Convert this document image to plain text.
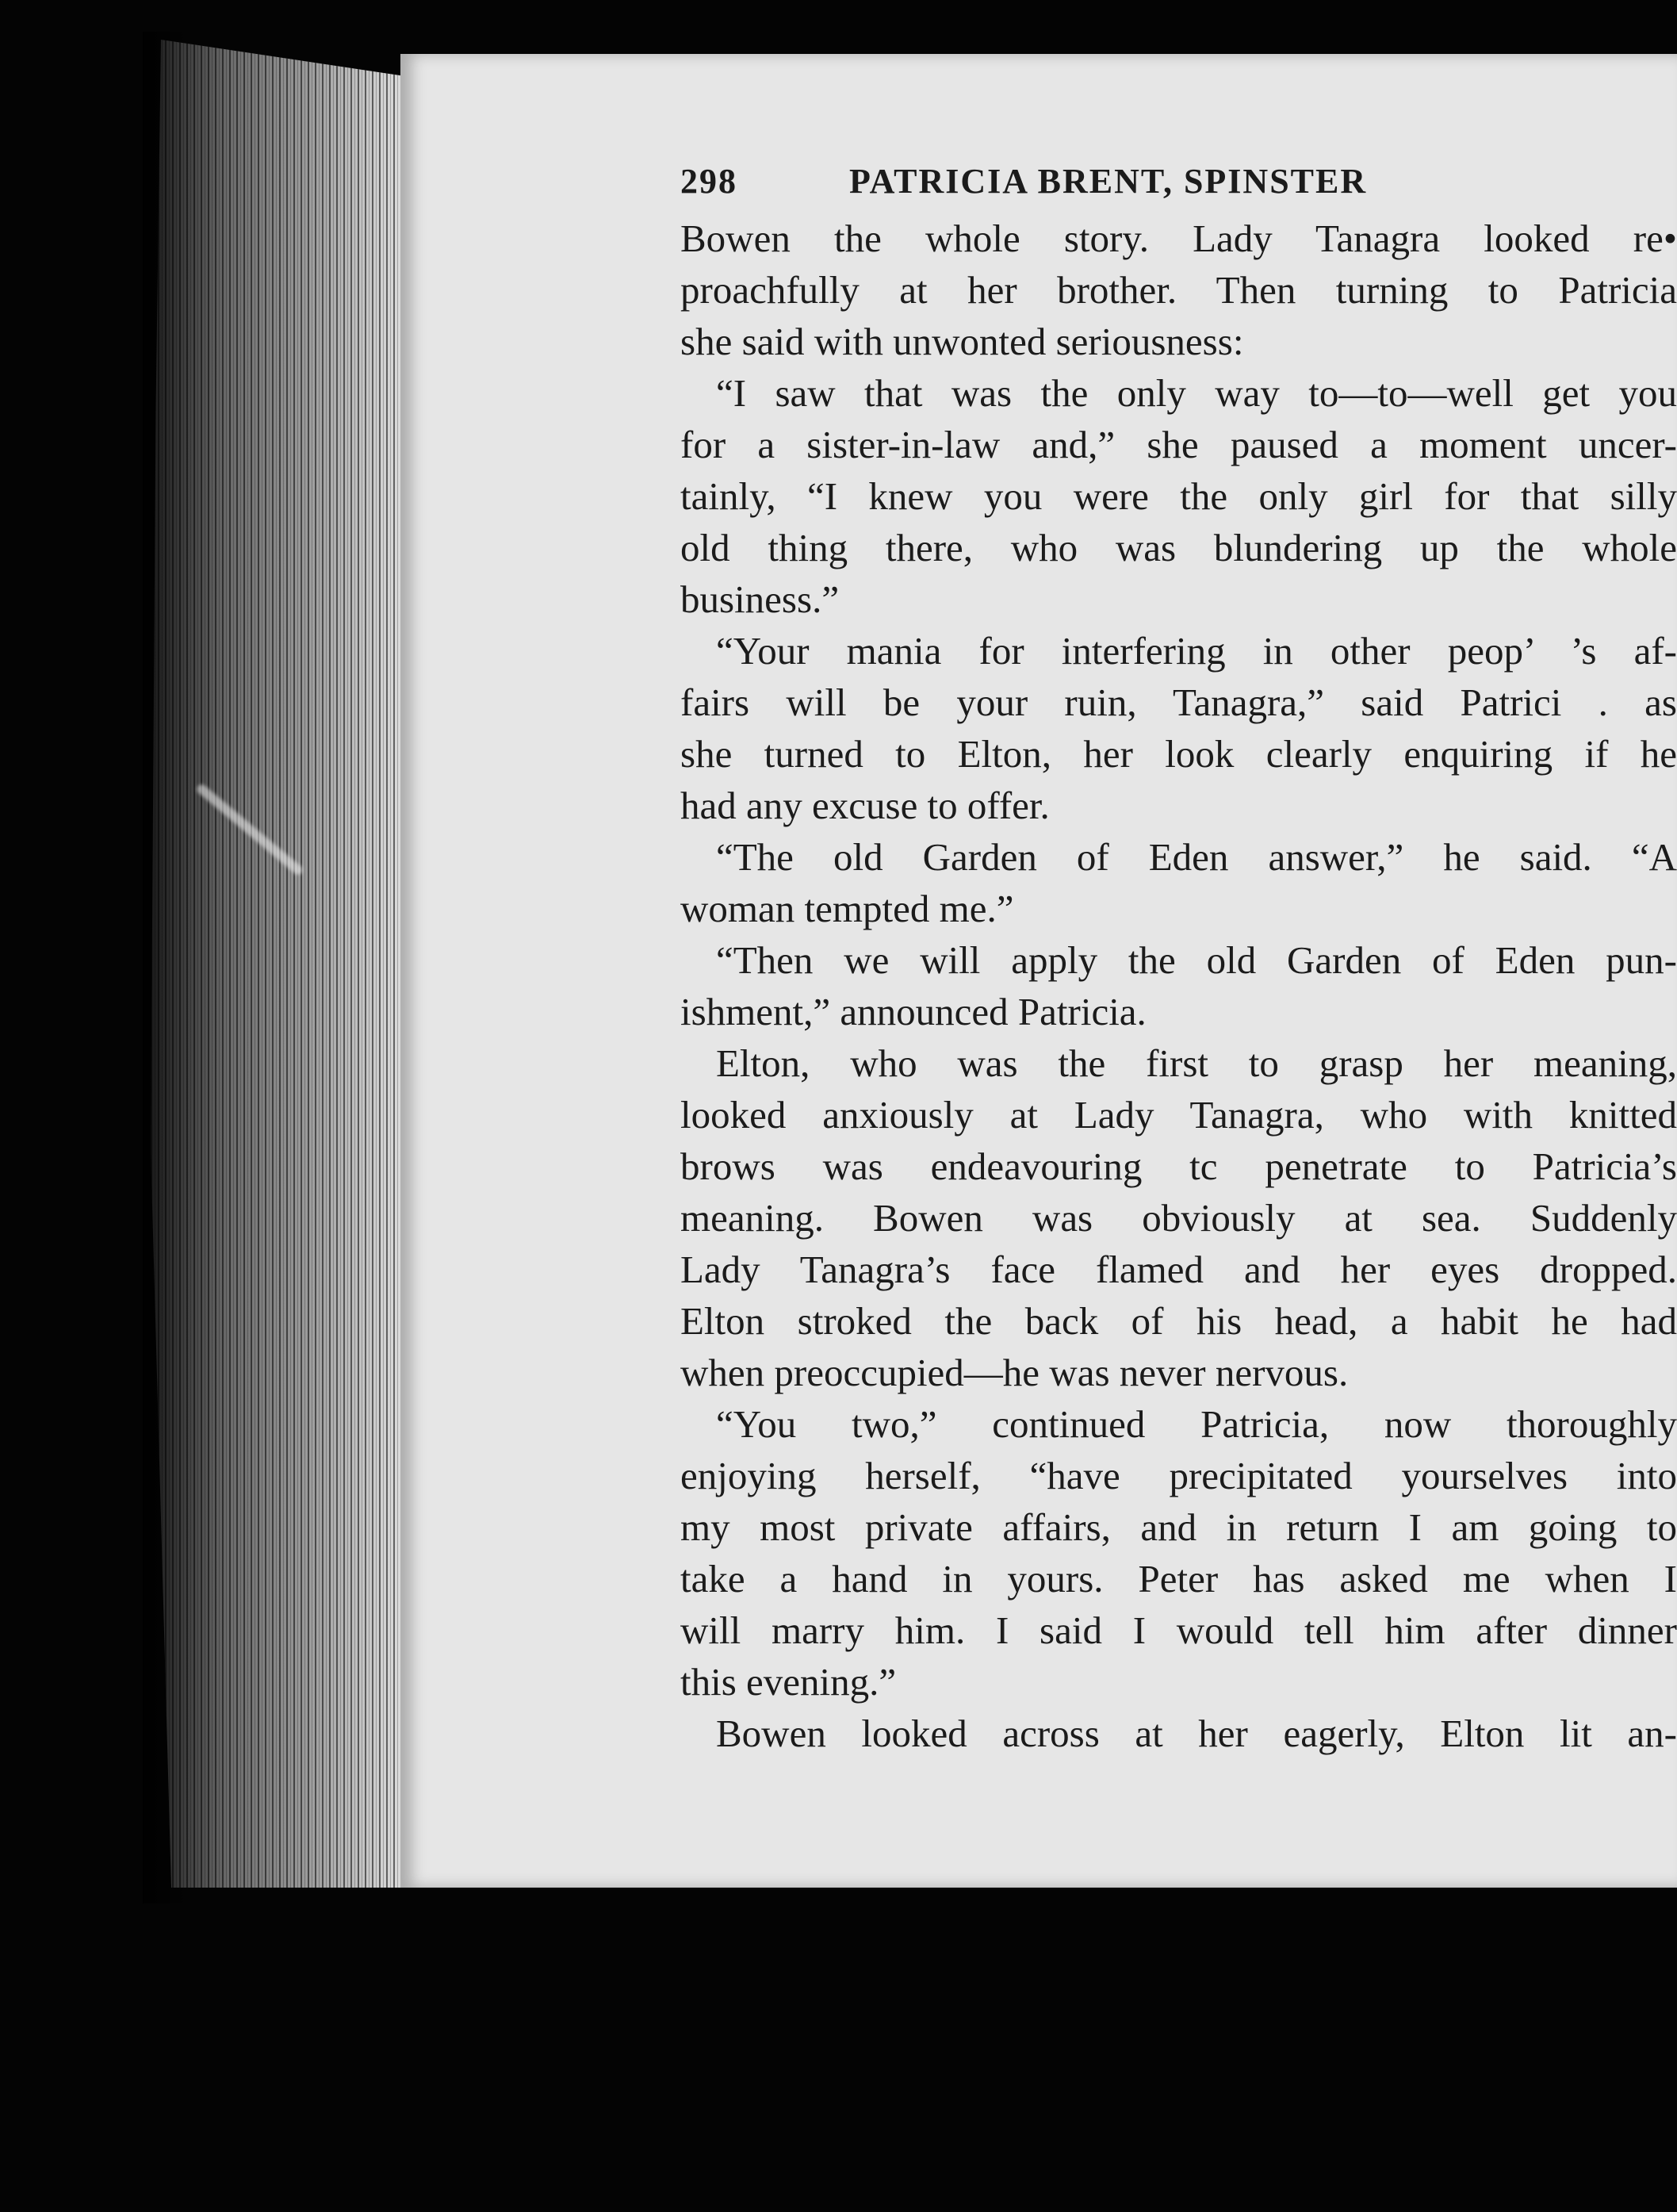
298	PATRICIA BRENT, SPINSTER
Bowen the whole story. Lady Tanagra looked re•
proachfully at her brother. Then turning to Patricia
she said with unwonted seriousness:
“I saw that was the only way to—to—well get you
for a sister-in-law and,” she paused a moment uncer-
tainly, “I knew you were the only girl for that silly
old thing there, who was blundering up the whole
business.”
“Your mania for interfering in other peop’ ’s af-
fairs will be your ruin, Tanagra,” said Patrici . as
she turned to Elton, her look clearly enquiring if he
had any excuse to offer.
“The old Garden of Eden answer,” he said. “A
woman tempted me.”
“Then we will apply the old Garden of Eden pun-
ishment,” announced Patricia.
Elton, who was the first to grasp her meaning,
looked anxiously at Lady Tanagra, who with knitted
brows was endeavouring tc penetrate to Patricia’s
meaning. Bowen was obviously at sea. Suddenly
Lady Tanagra’s face flamed and her eyes dropped.
Elton stroked the back of his head, a habit he had
when preoccupied—he was never nervous.
“You two,” continued Patricia, now thoroughly
enjoying herself, “have precipitated yourselves into
my most private affairs, and in return I am going to
take a hand in yours. Peter has asked me when I
will marry him. I said I would tell him after dinner
this evening.”
Bowen looked across at her eagerly, Elton lit an-
